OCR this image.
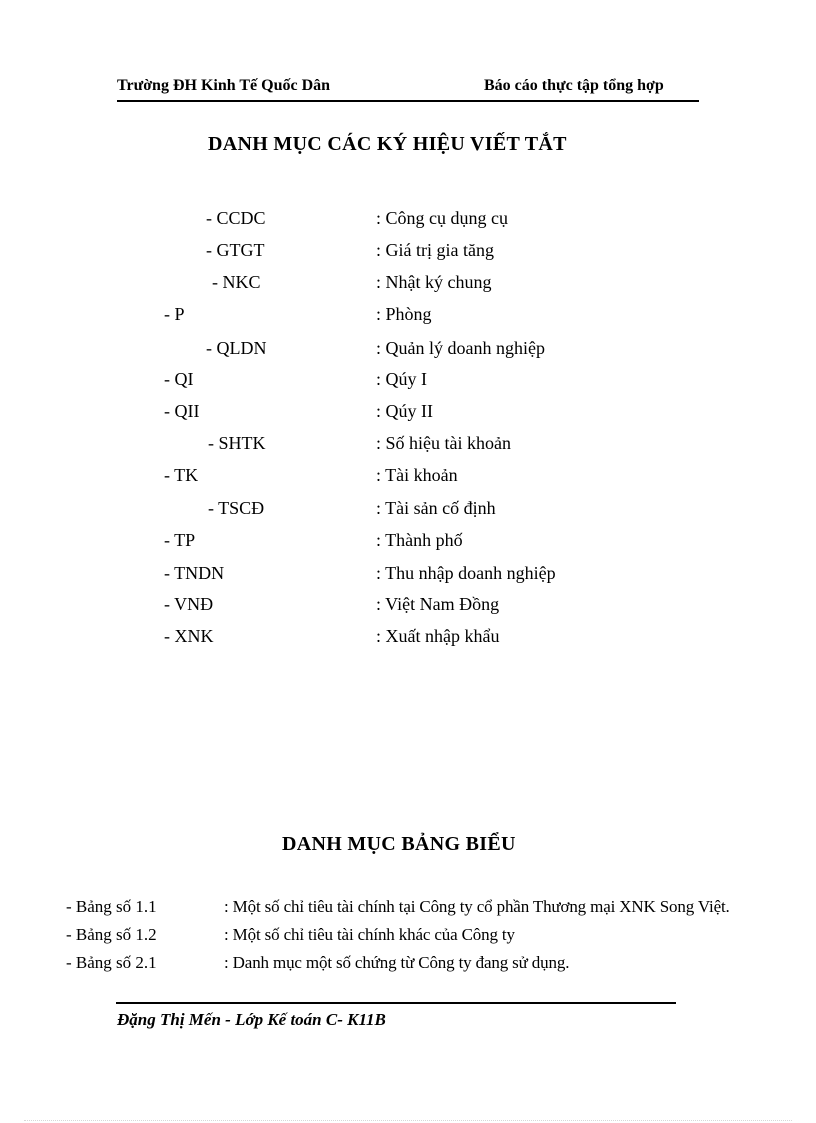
Trường ĐH Kinh Tế Quốc Dân	Báo cáo thực tập tổng hợp
DANH MỤC CÁC KÝ HIỆU VIẾT TẮT
- CCDC	: Công cụ dụng cụ
- GTGT	: Giá trị gia tăng
- NKC	: Nhật ký chung
- P	: Phòng
- QLDN	: Quản lý doanh nghiệp
- QI	: Qúy I
- QII	: Qúy II
- SHTK	: Số hiệu tài khoản
- TK	: Tài khoản
- TSCĐ	: Tài sản cố định
- TP	: Thành phố
- TNDN	: Thu nhập doanh nghiệp
- VNĐ	: Việt Nam Đồng
- XNK	: Xuất nhập khẩu
DANH MỤC BẢNG BIỂU
- Bảng số 1.1	: Một số chỉ tiêu tài chính tại Công ty cổ phần Thương mại XNK Song Việt.
- Bảng số 1.2	: Một số chỉ tiêu tài chính khác của Công ty
- Bảng số 2.1	: Danh mục một số chứng từ Công ty đang sử dụng.
Đặng Thị Mến - Lớp Kế toán C- K11B
